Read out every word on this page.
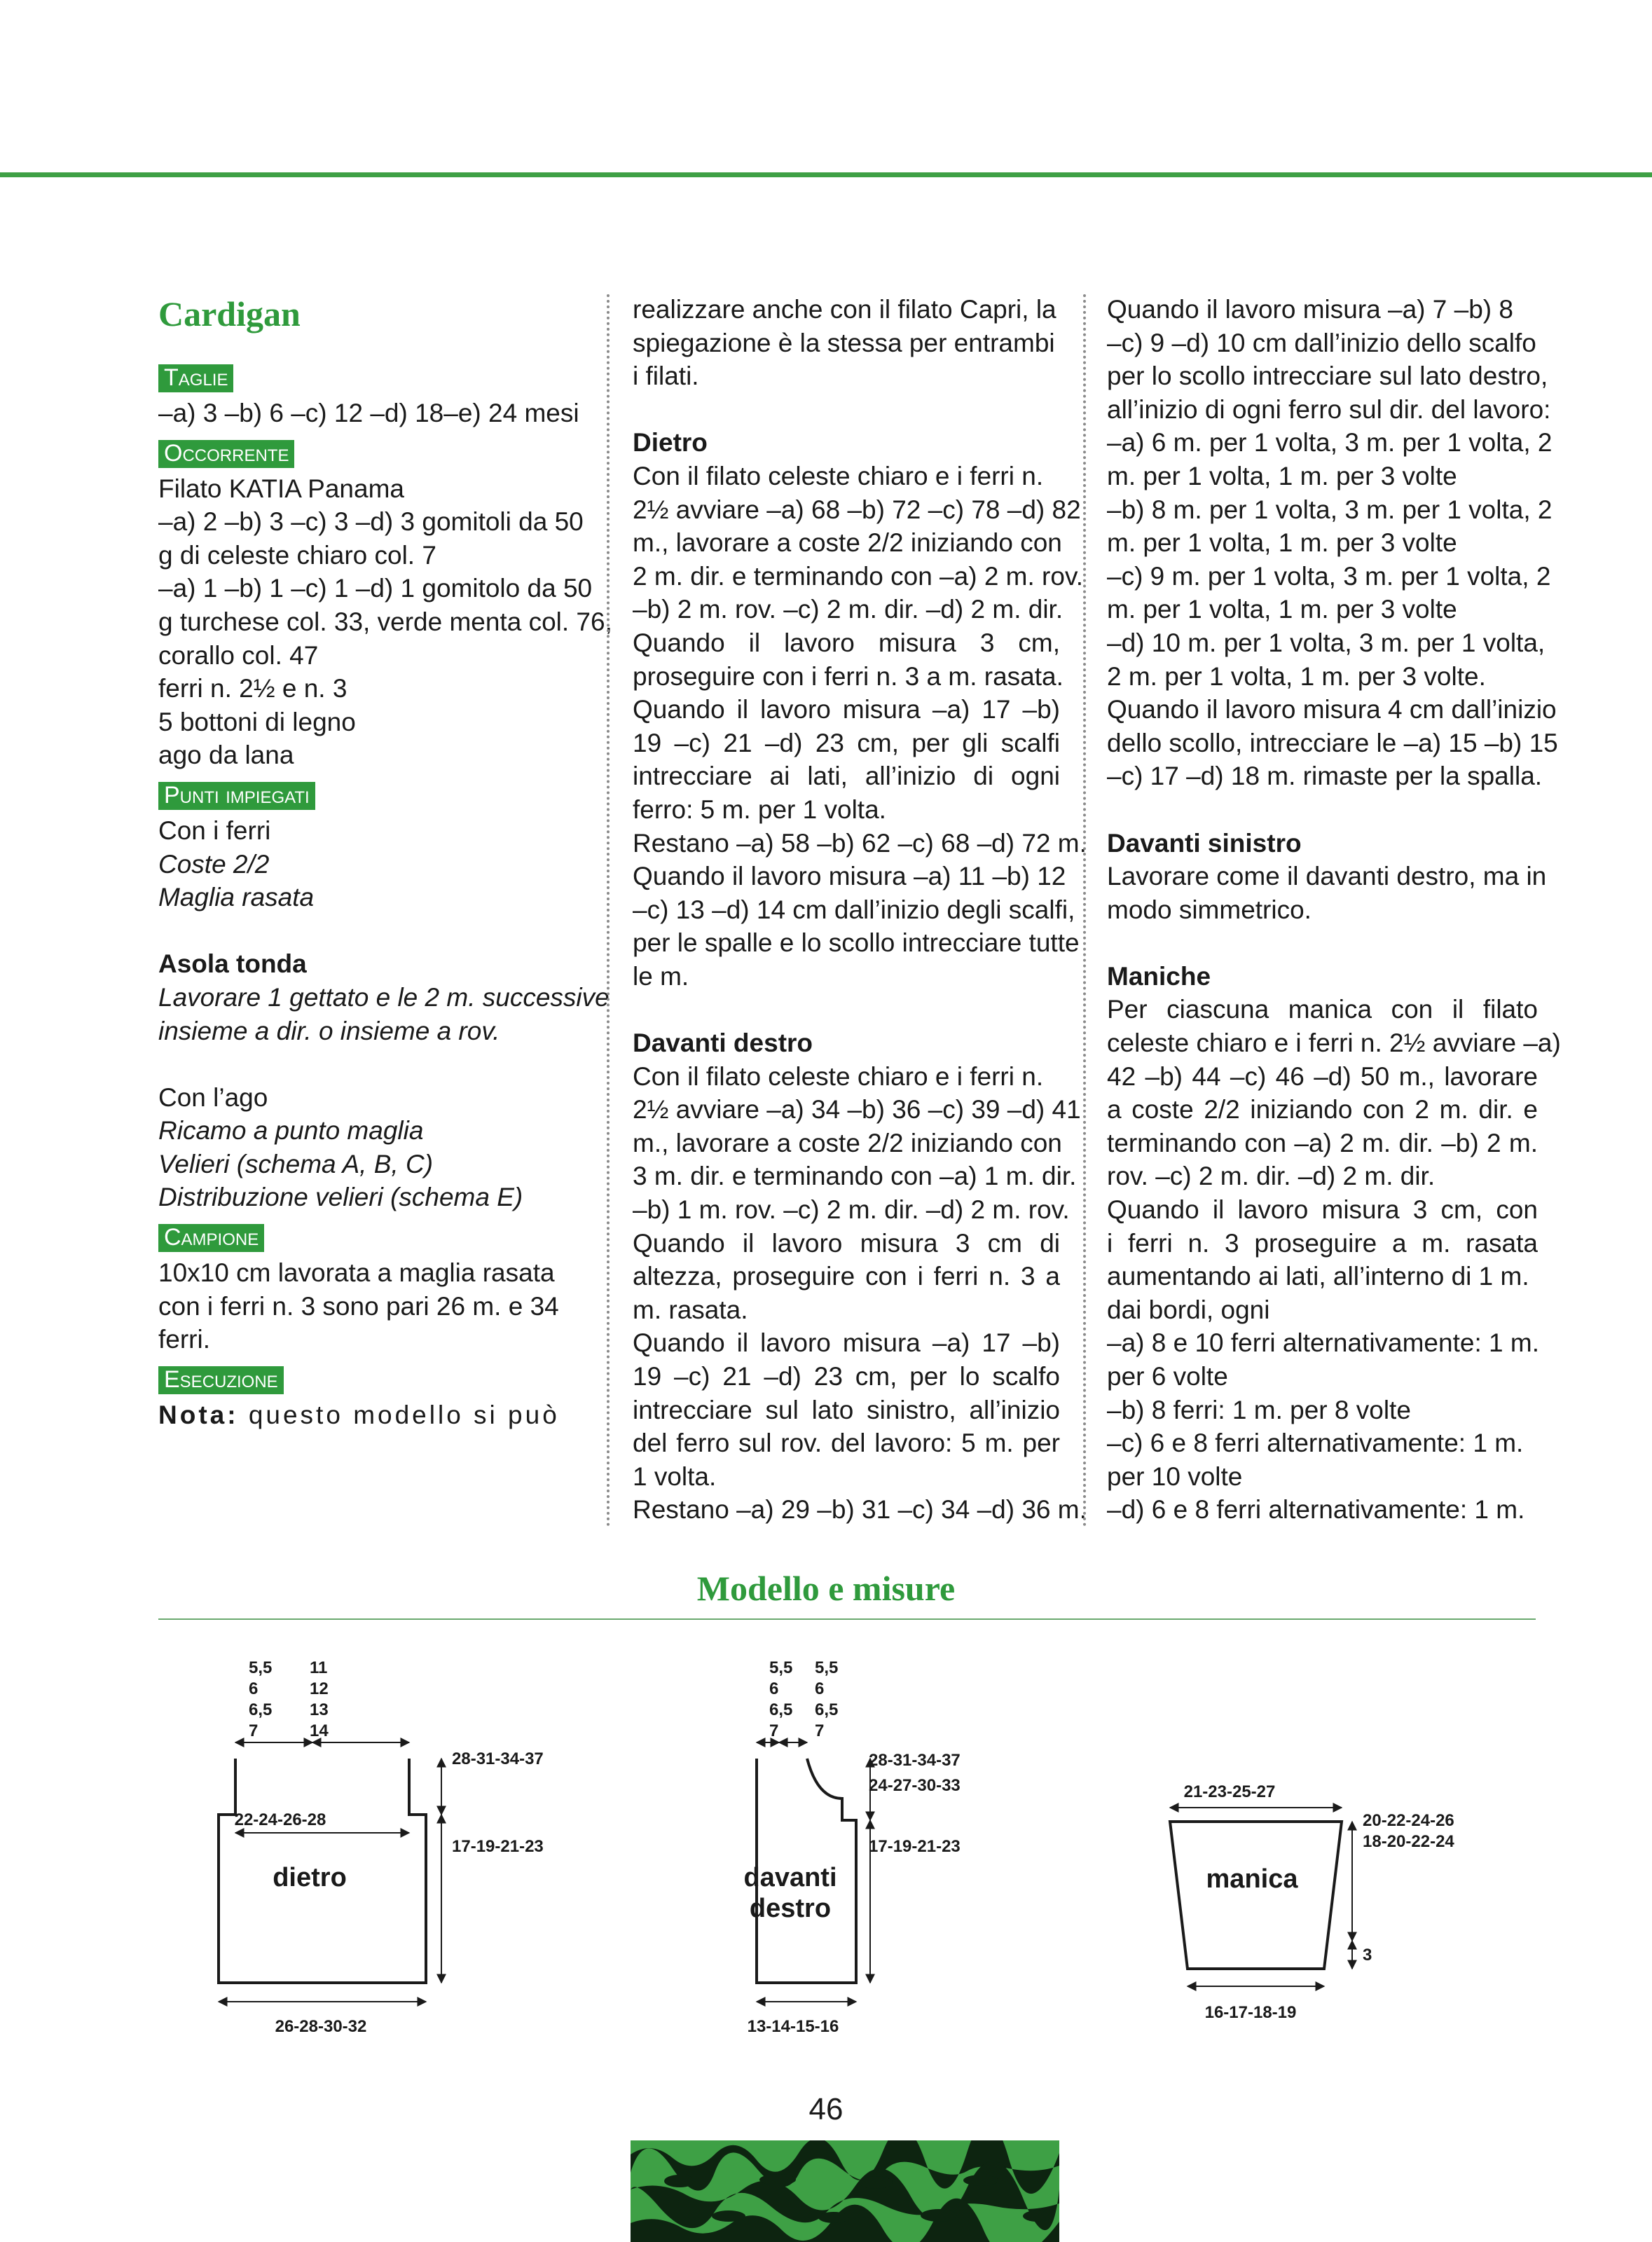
Cardigan
Taglie
–a) 3 –b) 6 –c) 12 –d) 18–e) 24 mesi
Occorrente
Filato KATIA Panama
–a) 2 –b) 3 –c) 3 –d) 3 gomitoli da 50
g di celeste chiaro col. 7
–a) 1 –b) 1 –c) 1 –d) 1 gomitolo da 50
g turchese col. 33, verde menta col. 76,
corallo col. 47
ferri n. 2½ e n. 3
5 bottoni di legno
ago da lana
Punti impiegati
Con i ferri
Coste 2/2
Maglia rasata
Asola tonda
Lavorare 1 gettato e le 2 m. successive
insieme a dir. o insieme a rov.
Con l’ago
Ricamo a punto maglia
Velieri (schema A, B, C)
Distribuzione velieri (schema E)
Campione
10x10 cm lavorata a maglia rasata
con i ferri n. 3 sono pari 26 m. e 34
ferri.
Esecuzione
Nota: questo modello si può
realizzare anche con il filato Capri, la
spiegazione è la stessa per entrambi
i filati.
Dietro
Con il filato celeste chiaro e i ferri n.
2½ avviare –a) 68 –b) 72 –c) 78 –d) 82
m., lavorare a coste 2/2 iniziando con
2 m. dir. e terminando con –a) 2 m. rov.
–b) 2 m. rov. –c) 2 m. dir. –d) 2 m. dir.
Quando il lavoro misura 3 cm,
proseguire con i ferri n. 3 a m. rasata.
Quando il lavoro misura –a) 17 –b)
19 –c) 21 –d) 23 cm, per gli scalfi
intrecciare ai lati, all’inizio di ogni
ferro: 5 m. per 1 volta.
Restano –a) 58 –b) 62 –c) 68 –d) 72 m.
Quando il lavoro misura –a) 11 –b) 12
–c) 13 –d) 14 cm dall’inizio degli scalfi,
per le spalle e lo scollo intrecciare tutte
le m.
Davanti destro
Con il filato celeste chiaro e i ferri n.
2½ avviare –a) 34 –b) 36 –c) 39 –d) 41
m., lavorare a coste 2/2 iniziando con
3 m. dir. e terminando con –a) 1 m. dir.
–b) 1 m. rov. –c) 2 m. dir. –d) 2 m. rov.
Quando il lavoro misura 3 cm di
altezza, proseguire con i ferri n. 3 a
m. rasata.
Quando il lavoro misura –a) 17 –b)
19 –c) 21 –d) 23 cm, per lo scalfo
intrecciare sul lato sinistro, all’inizio
del ferro sul rov. del lavoro: 5 m. per
1 volta.
Restano –a) 29 –b) 31 –c) 34 –d) 36 m.
Quando il lavoro misura –a) 7 –b) 8
–c) 9 –d) 10 cm dall’inizio dello scalfo
per lo scollo intrecciare sul lato destro,
all’inizio di ogni ferro sul dir. del lavoro:
–a) 6 m. per 1 volta, 3 m. per 1 volta, 2
m. per 1 volta, 1 m. per 3 volte
–b) 8 m. per 1 volta, 3 m. per 1 volta, 2
m. per 1 volta, 1 m. per 3 volte
–c) 9 m. per 1 volta, 3 m. per 1 volta, 2
m. per 1 volta, 1 m. per 3 volte
–d) 10 m. per 1 volta, 3 m. per 1 volta,
2 m. per 1 volta, 1 m. per 3 volte.
Quando il lavoro misura 4 cm dall’inizio
dello scollo, intrecciare le –a) 15 –b) 15
–c) 17 –d) 18 m. rimaste per la spalla.
Davanti sinistro
Lavorare come il davanti destro, ma in
modo simmetrico.
Maniche
Per ciascuna manica con il filato
celeste chiaro e i ferri n. 2½ avviare –a)
42 –b) 44 –c) 46 –d) 50 m., lavorare
a coste 2/2 iniziando con 2 m. dir. e
terminando con –a) 2 m. dir. –b) 2 m.
rov. –c) 2 m. dir. –d) 2 m. dir.
Quando il lavoro misura 3 cm, con
i ferri n. 3 proseguire a m. rasata
aumentando ai lati, all’interno di 1 m.
dai bordi, ogni
–a) 8 e 10 ferri alternativamente: 1 m.
per 6 volte
–b) 8 ferri: 1 m. per 8 volte
–c) 6 e 8 ferri alternativamente: 1 m.
per 10 volte
–d) 6 e 8 ferri alternativamente: 1 m.
Modello e misure
dietro
22-24-26-28
26-28-30-32
28-31-34-37
17-19-21-23
5,5
6
6,5
7
11
12
13
14
davanti
destro
13-14-15-16
28-31-34-37
24-27-30-33
17-19-21-23
5,5
6
6,5
7
5,5
6
6,5
7
manica
21-23-25-27
16-17-18-19
20-22-24-26
18-20-22-24
3
46
